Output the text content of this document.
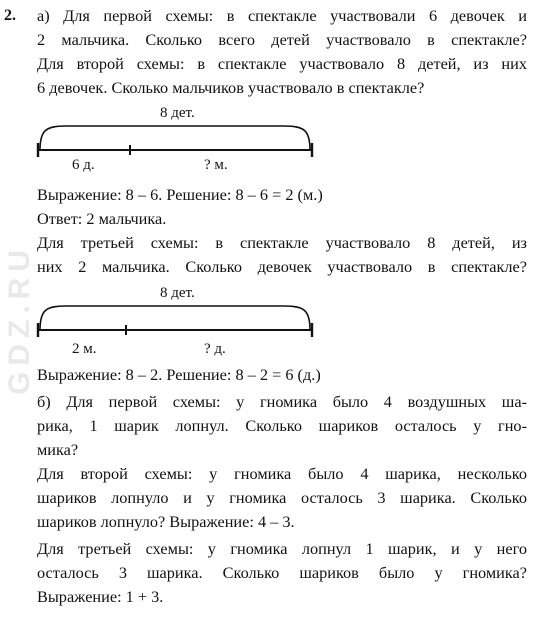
GDZ.RU
2. а) Для первой схемы: в спектакле участвовали 6 девочек и
2 мальчика. Сколько всего детей участвовало в спектакле?
Для второй схемы: в спектакле участвовало 8 детей, из них
6 девочек. Сколько мальчиков участвовало в спектакле?
8 дет.
6 д.	? м.
Выражение: 8 – 6. Решение: 8 – 6 = 2 (м.)
Ответ: 2 мальчика.
Для третьей схемы: в спектакле участвовало 8 детей, из
них 2 мальчика. Сколько девочек участвовало в спектакле?
8 дет.
2 м.	? д.
Выражение: 8 – 2. Решение: 8 – 2 = 6 (д.)
б) Для первой схемы: у гномика было 4 воздушных ша-
рика, 1 шарик лопнул. Сколько шариков осталось у гно-
мика?
Для второй схемы: у гномика было 4 шарика, несколько
шариков лопнуло и у гномика осталось 3 шарика. Сколько
шариков лопнуло? Выражение: 4 – 3.
Для третьей схемы: у гномика лопнул 1 шарик, и у него
осталось 3 шарика. Сколько шариков было у гномика?
Выражение: 1 + 3.
